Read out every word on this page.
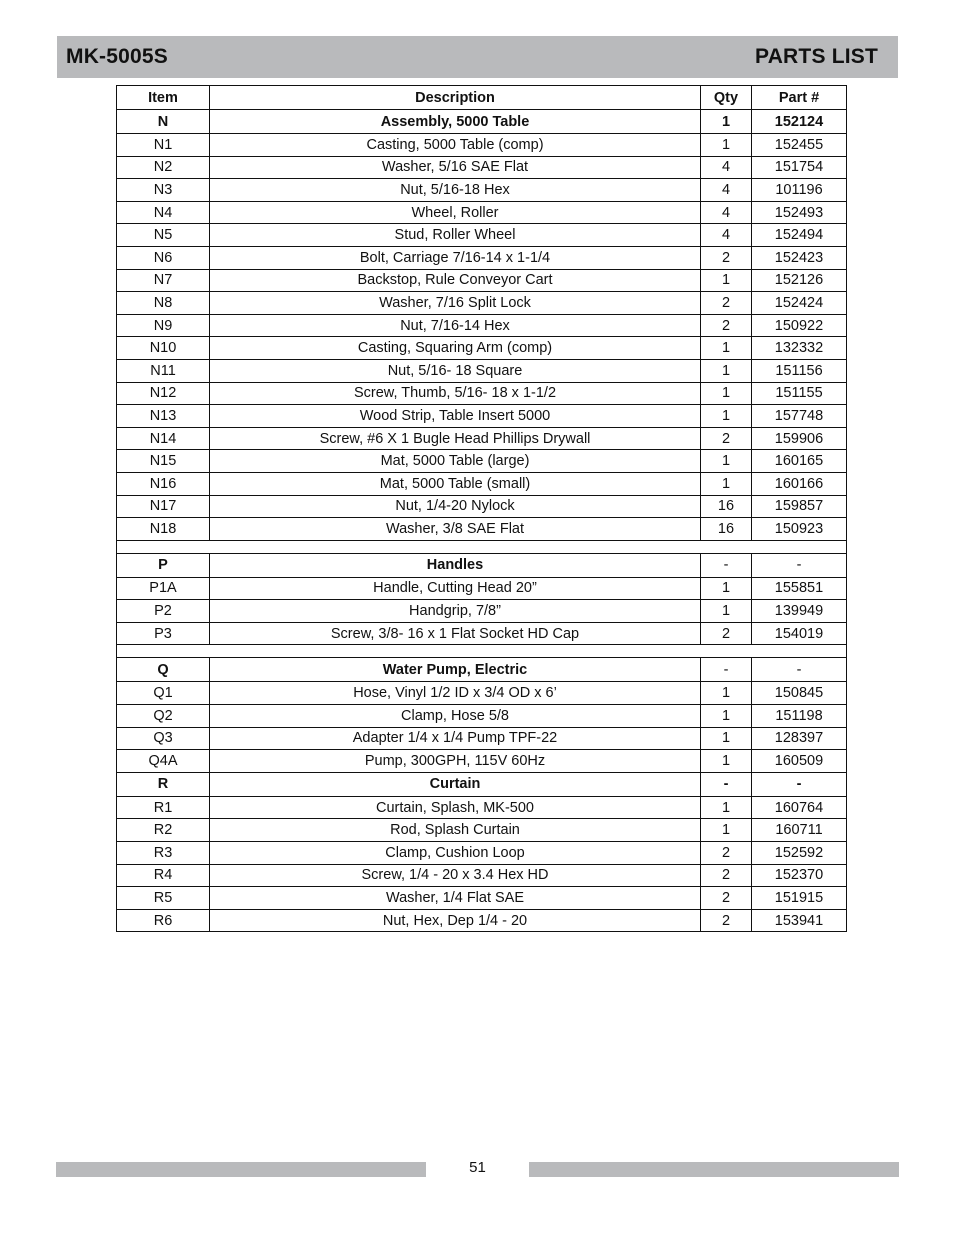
MK-5005S	PARTS LIST
Item	Description	Qty	Part #
N	Assembly, 5000 Table	1	152124
N1	Casting, 5000 Table (comp)	1	152455
N2	Washer, 5/16 SAE Flat	4	151754
N3	Nut, 5/16-18 Hex	4	101196
N4	Wheel, Roller	4	152493
N5	Stud, Roller Wheel	4	152494
N6	Bolt, Carriage 7/16-14 x 1-1/4	2	152423
N7	Backstop, Rule Conveyor Cart	1	152126
N8	Washer, 7/16 Split Lock	2	152424
N9	Nut, 7/16-14 Hex	2	150922
N10	Casting, Squaring Arm (comp)	1	132332
N11	Nut, 5/16- 18 Square	1	151156
N12	Screw, Thumb, 5/16- 18 x 1-1/2	1	151155
N13	Wood Strip, Table Insert 5000	1	157748
N14	Screw, #6 X 1 Bugle Head Phillips Drywall	2	159906
N15	Mat, 5000 Table (large)	1	160165
N16	Mat, 5000 Table (small)	1	160166
N17	Nut, 1/4-20 Nylock	16	159857
N18	Washer, 3/8 SAE Flat	16	150923

P	Handles	-	-
P1A	Handle, Cutting Head 20”	1	155851
P2	Handgrip, 7/8”	1	139949
P3	Screw, 3/8- 16 x 1 Flat Socket HD Cap	2	154019

Q	Water Pump, Electric	-	-
Q1	Hose, Vinyl 1/2 ID x 3/4 OD x 6’	1	150845
Q2	Clamp, Hose 5/8	1	151198
Q3	Adapter 1/4 x 1/4 Pump TPF-22	1	128397
Q4A	Pump, 300GPH, 115V 60Hz	1	160509
R	Curtain	-	-
R1	Curtain, Splash, MK-500	1	160764
R2	Rod, Splash Curtain	1	160711
R3	Clamp, Cushion Loop	2	152592
R4	Screw, 1/4 - 20 x 3.4 Hex HD	2	152370
R5	Washer, 1/4 Flat SAE	2	151915
R6	Nut, Hex, Dep 1/4 - 20	2	153941
51
